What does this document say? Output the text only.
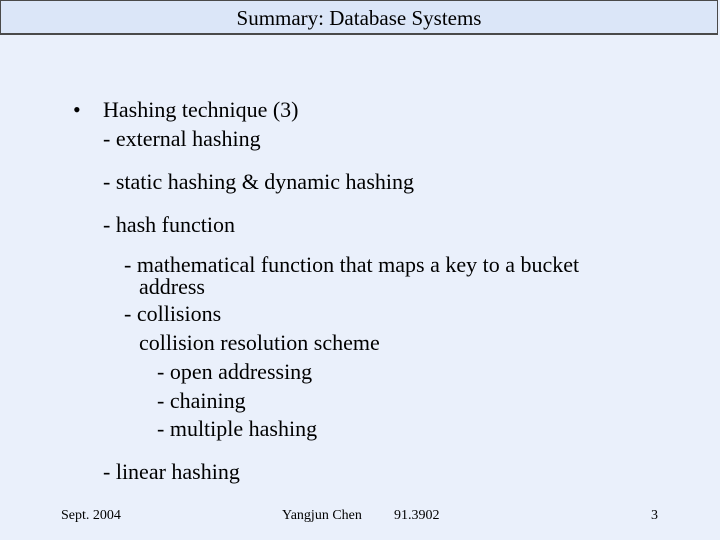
Summary: Database Systems
• Hashing technique (3)
- external hashing
- static hashing & dynamic hashing
- hash function
- mathematical function that maps a key to a bucket
address
- collisions
collision resolution scheme
- open addressing
- chaining
- multiple hashing
- linear hashing
Sept. 2004	Yangjun Chen 91.3902	3
